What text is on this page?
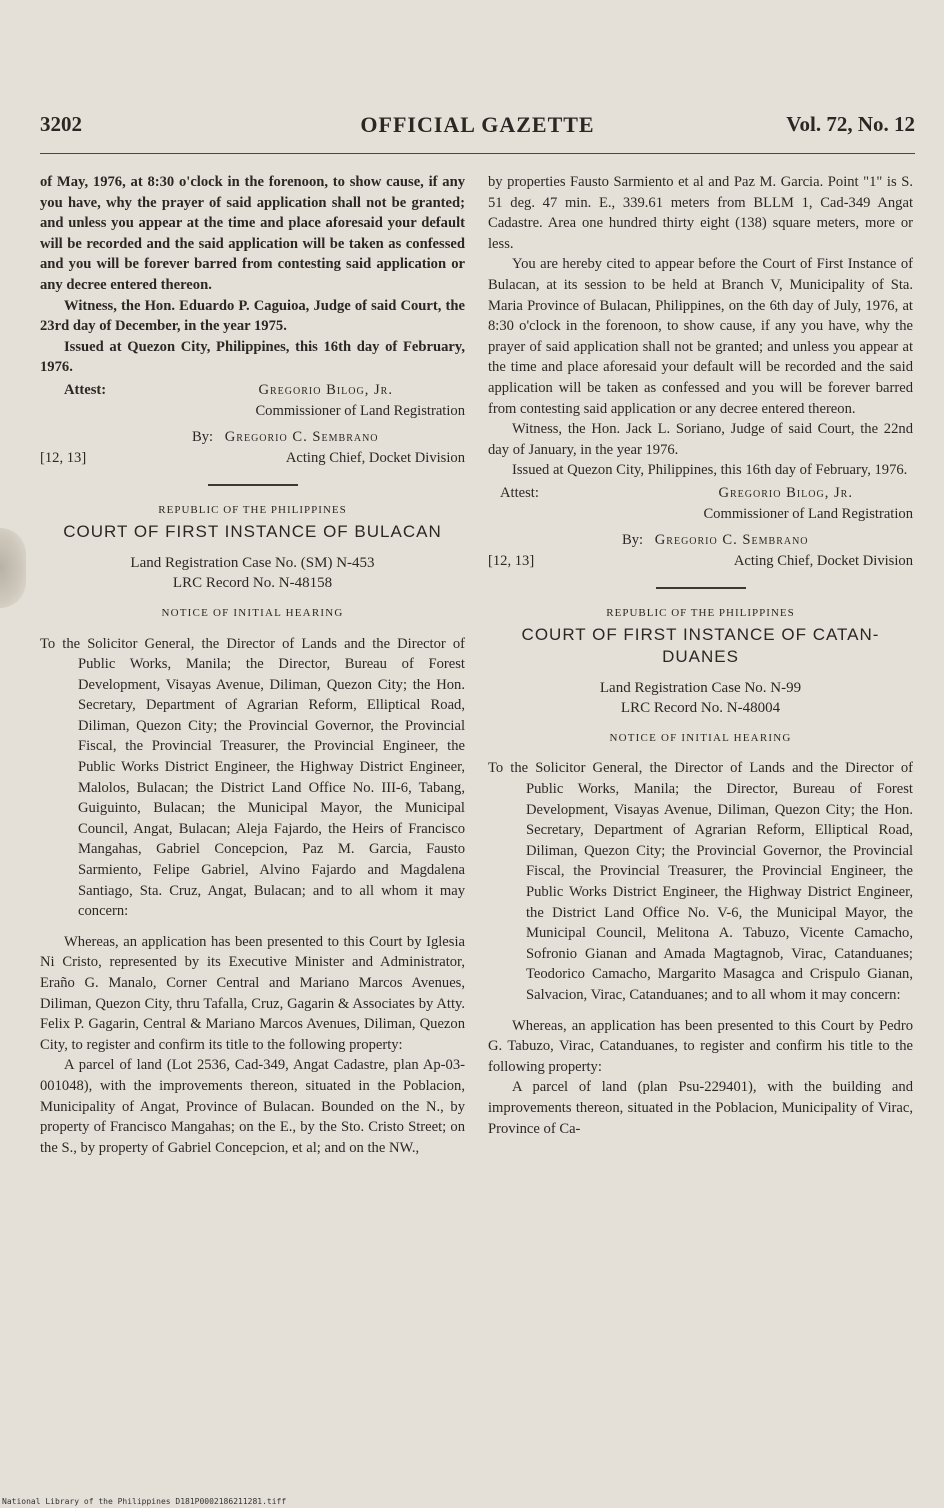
3202	OFFICIAL GAZETTE	Vol. 72, No. 12

of May, 1976, at 8:30 o'clock in the forenoon, to show cause, if any you have, why the prayer of said application shall not be granted; and unless you appear at the time and place aforesaid your default will be recorded and the said application will be taken as confessed and you will be forever barred from contesting said application or any decree entered thereon.

Witness, the Hon. Eduardo P. Caguioa, Judge of said Court, the 23rd day of December, in the year 1975.

Issued at Quezon City, Philippines, this 16th day of February, 1976.

Attest:	Gregorio Bilog, Jr.
Commissioner of Land Registration
By: Gregorio C. Sembrano
[12, 13]	Acting Chief, Docket Division
REPUBLIC OF THE PHILIPPINES
COURT OF FIRST INSTANCE OF BULACAN
Land Registration Case No. (SM) N-453
LRC Record No. N-48158
NOTICE OF INITIAL HEARING

To the Solicitor General, the Director of Lands and the Director of Public Works, Manila; the Director, Bureau of Forest Development, Visayas Avenue, Diliman, Quezon City; the Hon. Secretary, Department of Agrarian Reform, Elliptical Road, Diliman, Quezon City; the Provincial Governor, the Provincial Fiscal, the Provincial Treasurer, the Provincial Engineer, the Public Works District Engineer, the Highway District Engineer, Malolos, Bulacan; the District Land Office No. III-6, Tabang, Guiguinto, Bulacan; the Municipal Mayor, the Municipal Council, Angat, Bulacan; Aleja Fajardo, the Heirs of Francisco Mangahas, Gabriel Concepcion, Paz M. Garcia, Fausto Sarmiento, Felipe Gabriel, Alvino Fajardo and Magdalena Santiago, Sta. Cruz, Angat, Bulacan; and to all whom it may concern:

Whereas, an application has been presented to this Court by Iglesia Ni Cristo, represented by its Executive Minister and Administrator, Eraño G. Manalo, Corner Central and Mariano Marcos Avenues, Diliman, Quezon City, thru Tafalla, Cruz, Gagarin & Associates by Atty. Felix P. Gagarin, Central & Mariano Marcos Avenues, Diliman, Quezon City, to register and confirm its title to the following property:

A parcel of land (Lot 2536, Cad-349, Angat Cadastre, plan Ap-03-001048), with the improvements thereon, situated in the Poblacion, Municipality of Angat, Province of Bulacan. Bounded on the N., by property of Francisco Mangahas; on the E., by the Sto. Cristo Street; on the S., by property of Gabriel Concepcion, et al; and on the NW.,

by properties Fausto Sarmiento et al and Paz M. Garcia. Point "1" is S. 51 deg. 47 min. E., 339.61 meters from BLLM 1, Cad-349 Angat Cadastre. Area one hundred thirty eight (138) square meters, more or less.

You are hereby cited to appear before the Court of First Instance of Bulacan, at its session to be held at Branch V, Municipality of Sta. Maria Province of Bulacan, Philippines, on the 6th day of July, 1976, at 8:30 o'clock in the forenoon, to show cause, if any you have, why the prayer of said application shall not be granted; and unless you appear at the time and place aforesaid your default will be recorded and the said application will be taken as confessed and you will be forever barred from contesting said application or any decree entered thereon.

Witness, the Hon. Jack L. Soriano, Judge of said Court, the 22nd day of January, in the year 1976.

Issued at Quezon City, Philippines, this 16th day of February, 1976.

Attest:	Gregorio Bilog, Jr.
Commissioner of Land Registration
By: Gregorio C. Sembrano
[12, 13]	Acting Chief, Docket Division
REPUBLIC OF THE PHILIPPINES
COURT OF FIRST INSTANCE OF CATAN-
DUANES
Land Registration Case No. N-99
LRC Record No. N-48004
NOTICE OF INITIAL HEARING

To the Solicitor General, the Director of Lands and the Director of Public Works, Manila; the Director, Bureau of Forest Development, Visayas Avenue, Diliman, Quezon City; the Hon. Secretary, Department of Agrarian Reform, Elliptical Road, Diliman, Quezon City; the Provincial Governor, the Provincial Fiscal, the Provincial Treasurer, the Provincial Engineer, the Public Works District Engineer, the Highway District Engineer, the District Land Office No. V-6, the Municipal Mayor, the Municipal Council, Melitona A. Tabuzo, Vicente Camacho, Sofronio Gianan and Amada Magtagnob, Virac, Catanduanes; Teodorico Camacho, Margarito Masagca and Crispulo Gianan, Salvacion, Virac, Catanduanes; and to all whom it may concern:

Whereas, an application has been presented to this Court by Pedro G. Tabuzo, Virac, Catanduanes, to register and confirm his title to the following property:

A parcel of land (plan Psu-229401), with the building and improvements thereon, situated in the Poblacion, Municipality of Virac, Province of Ca-

National Library of the Philippines D181P0002186211281.tiff
